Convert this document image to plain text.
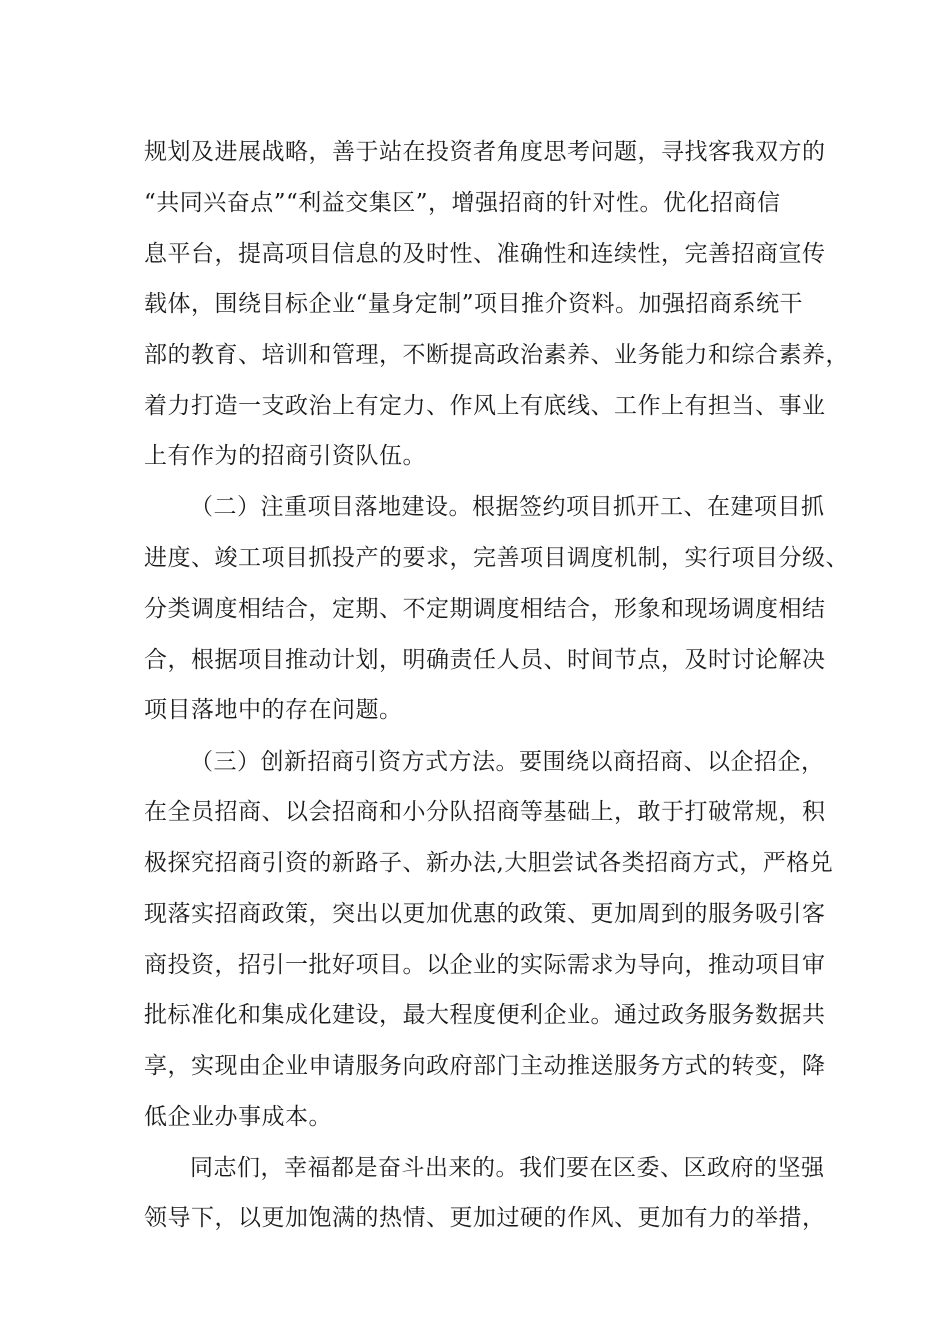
规划及进展战略，善于站在投资者角度思考问题，寻找客我双方的
“共同兴奋点”“利益交集区”，增强招商的针对性。优化招商信
息平台，提高项目信息的及时性、准确性和连续性，完善招商宣传
载体，围绕目标企业“量身定制”项目推介资料。加强招商系统干
部的教育、培训和管理，不断提高政治素养、业务能力和综合素养，
着力打造一支政治上有定力、作风上有底线、工作上有担当、事业
上有作为的招商引资队伍。
（二）注重项目落地建设。根据签约项目抓开工、在建项目抓
进度、竣工项目抓投产的要求，完善项目调度机制，实行项目分级、
分类调度相结合，定期、不定期调度相结合，形象和现场调度相结
合，根据项目推动计划，明确责任人员、时间节点，及时讨论解决
项目落地中的存在问题。
（三）创新招商引资方式方法。要围绕以商招商、以企招企，
在全员招商、以会招商和小分队招商等基础上，敢于打破常规，积
极探究招商引资的新路子、新办法,大胆尝试各类招商方式，严格兑
现落实招商政策，突出以更加优惠的政策、更加周到的服务吸引客
商投资，招引一批好项目。以企业的实际需求为导向，推动项目审
批标准化和集成化建设，最大程度便利企业。通过政务服务数据共
享，实现由企业申请服务向政府部门主动推送服务方式的转变，降
低企业办事成本。
同志们，幸福都是奋斗出来的。我们要在区委、区政府的坚强
领导下，以更加饱满的热情、更加过硬的作风、更加有力的举措，
